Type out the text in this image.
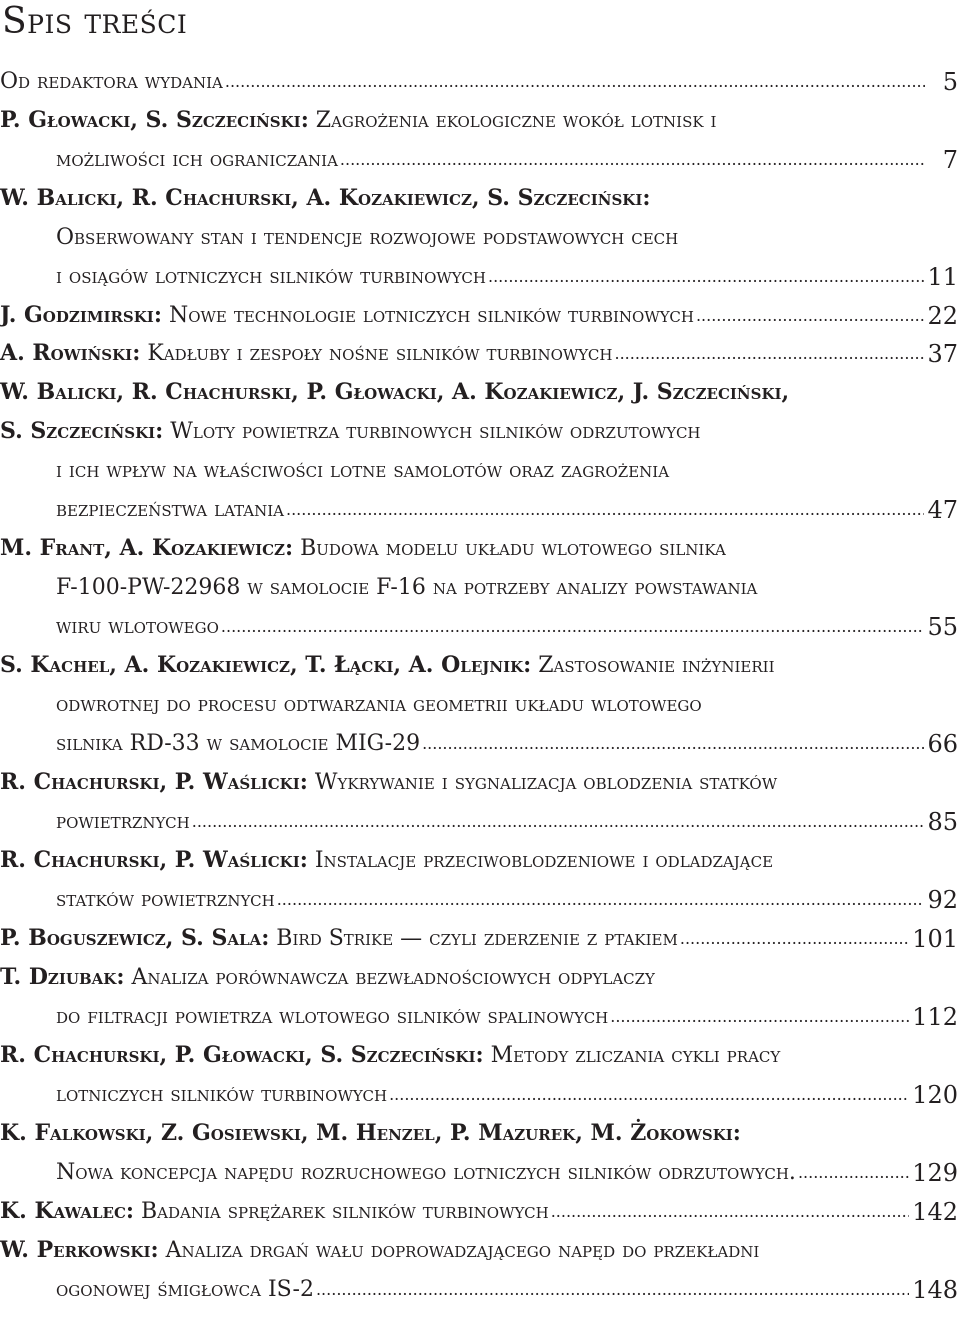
Spis treści
Od redaktora wydania .....	5
P. Głowacki, S. Szczeciński: Zagrożenia ekologiczne wokół lotnisk i
możliwości ich ograniczania .....	7
W. Balicki, R. Chachurski, A. Kozakiewicz, S. Szczeciński:
Obserwowany stan i tendencje rozwojowe podstawowych cech
i osiągów lotniczych silników turbinowych .....	11
J. Godzimirski: Nowe technologie lotniczych silników turbinowych .....	22
A. Rowiński: Kadłuby i zespoły nośne silników turbinowych .....	37
W. Balicki, R. Chachurski, P. Głowacki, A. Kozakiewicz, J. Szczeciński,
S. Szczeciński: Wloty powietrza turbinowych silników odrzutowych
i ich wpływ na właściwości lotne samolotów oraz zagrożenia
bezpieczeństwa latania .....	47
M. Frant, A. Kozakiewicz: Budowa modelu układu wlotowego silnika
F-100-PW-22968 w samolocie F-16 na potrzeby analizy powstawania
wiru wlotowego .....	55
S. Kachel, A. Kozakiewicz, T. Łącki, A. Olejnik: Zastosowanie inżynierii
odwrotnej do procesu odtwarzania geometrii układu wlotowego
silnika RD-33 w samolocie MIG-29 .....	66
R. Chachurski, P. Waślicki: Wykrywanie i sygnalizacja oblodzenia statków
powietrznych .....	85
R. Chachurski, P. Waślicki: Instalacje przeciwoblodzeniowe i odladzające
statków powietrznych .....	92
P. Boguszewicz, S. Sala: Bird Strike — czyli zderzenie z ptakiem .....	101
T. Dziubak: Analiza porównawcza bezwładnościowych odpylaczy
do filtracji powietrza wlotowego silników spalinowych .....	112
R. Chachurski, P. Głowacki, S. Szczeciński: Metody zliczania cykli pracy
lotniczych silników turbinowych .....	120
K. Falkowski, Z. Gosiewski, M. Henzel, P. Mazurek, M. Żokowski:
Nowa koncepcja napędu rozruchowego lotniczych silników odrzutowych. .....	129
K. Kawalec: Badania sprężarek silników turbinowych .....	142
W. Perkowski: Analiza drgań wału doprowadzającego napęd do przekładni
ogonowej śmigłowca IS-2 .....	148
